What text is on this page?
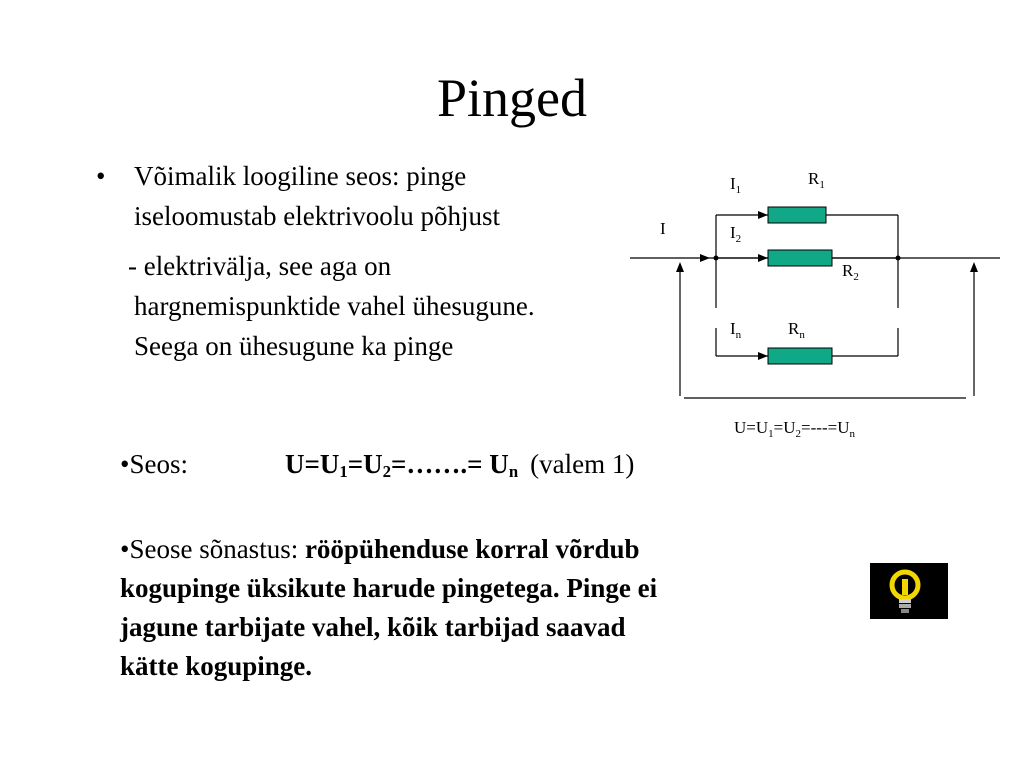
Pinged
• Võimalik loogiline seos: pinge
iseloomustab elektrivoolu põhjust
- elektriväljа, see aga on
hargnemispunktide vahel ühesugune.
Seega on ühesugune ka pinge
•Seos:	$U=U_1=U_2=\dots\dots.= U_n$ (valem 1)
•Seose sõnastus: rööpühenduse korral võrdub
kogupinge üksikute harude pingetega. Pinge ei
jagune tarbijate vahel, kõik tarbijad saavad
kätte kogupinge.
$I_1$
$R_1$
I	$I_2$
$R_2$
$I_n$	$R_n$
$U=U_1=U_2=---=U_n$
